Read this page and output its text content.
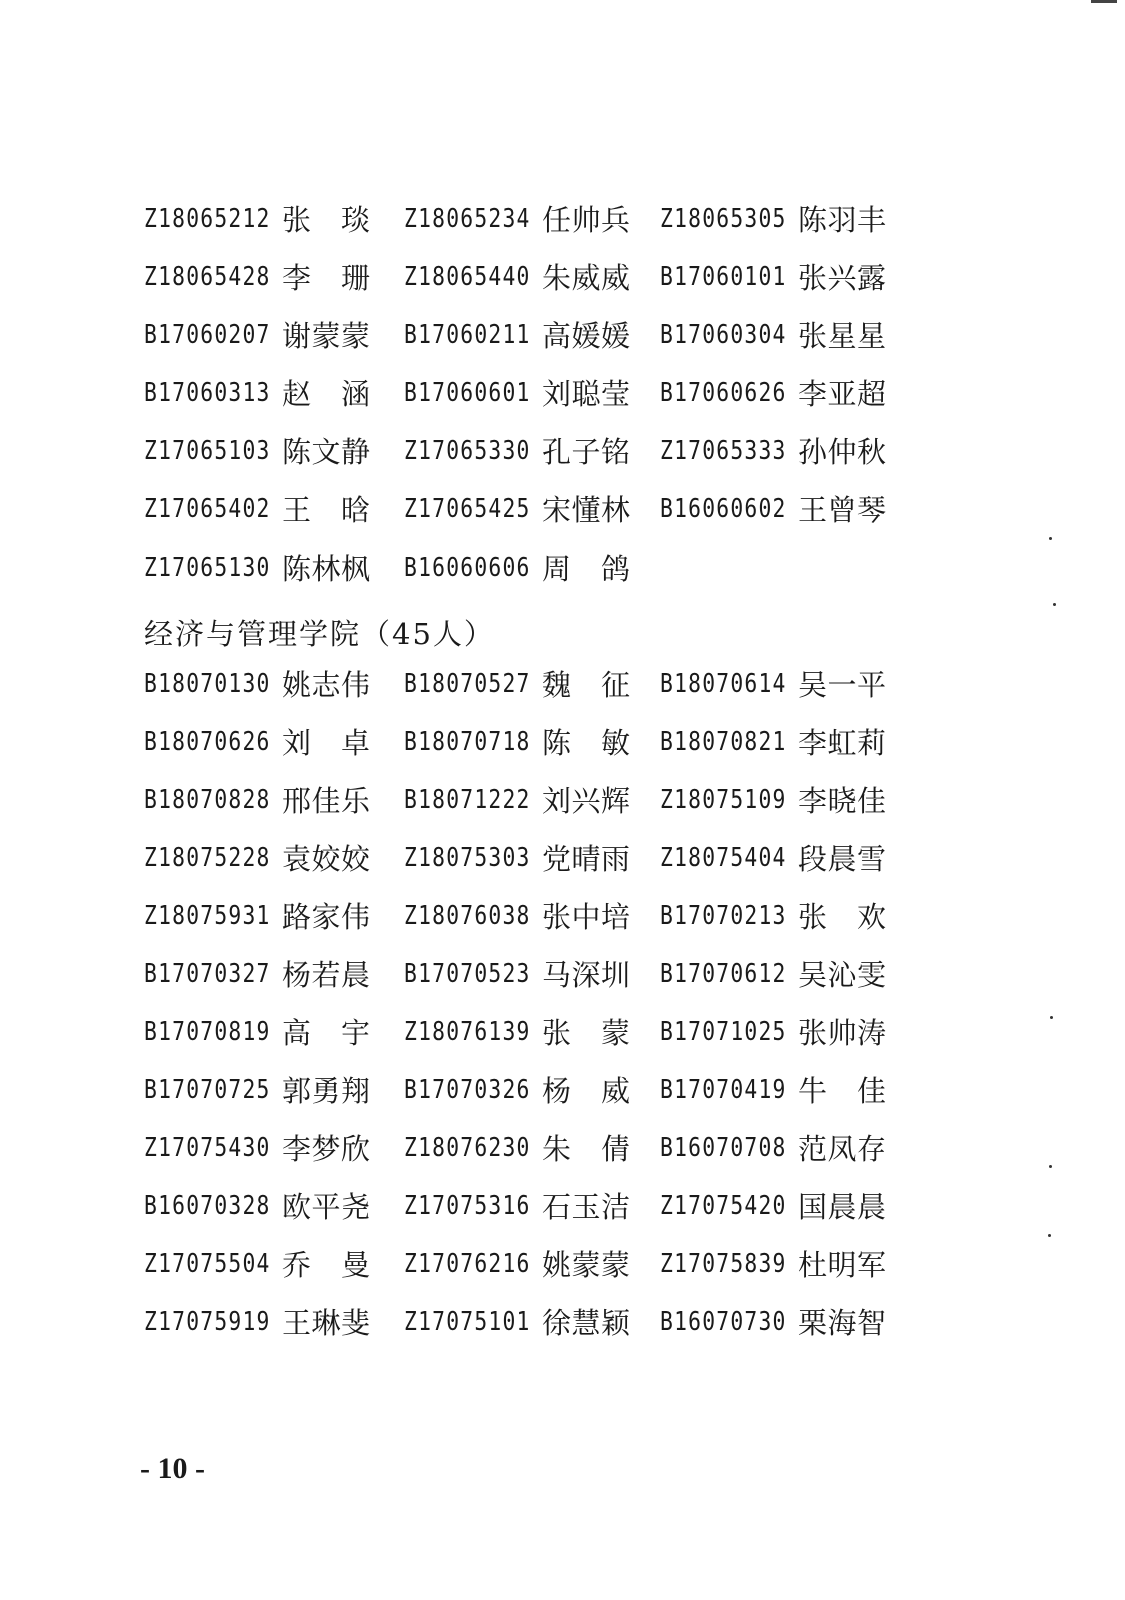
Z18065212 张 琰 Z18065234 任帅兵 Z18065305 陈羽丰
Z18065428 李 珊 Z18065440 朱威威 B17060101 张兴露
B17060207 谢蒙蒙 B17060211 高媛媛 B17060304 张星星
B17060313 赵 涵 B17060601 刘聪莹 B17060626 李亚超
Z17065103 陈文静 Z17065330 孔子铭 Z17065333 孙仲秋
Z17065402 王 晗 Z17065425 宋懂林 B16060602 王曾琴
Z17065130 陈林枫 B16060606 周 鸽
经济与管理学院（45人）
B18070130 姚志伟 B18070527 魏 征 B18070614 吴一平
B18070626 刘 卓 B18070718 陈 敏 B18070821 李虹莉
B18070828 邢佳乐 B18071222 刘兴辉 Z18075109 李晓佳
Z18075228 袁姣姣 Z18075303 党晴雨 Z18075404 段晨雪
Z18075931 路家伟 Z18076038 张中培 B17070213 张 欢
B17070327 杨若晨 B17070523 马深圳 B17070612 吴沁雯
B17070819 高 宇 Z18076139 张 蒙 B17071025 张帅涛
B17070725 郭勇翔 B17070326 杨 威 B17070419 牛 佳
Z17075430 李梦欣 Z18076230 朱 倩 B16070708 范凤存
B16070328 欧平尧 Z17075316 石玉洁 Z17075420 国晨晨
Z17075504 乔 曼 Z17076216 姚蒙蒙 Z17075839 杜明军
Z17075919 王琳斐 Z17075101 徐慧颖 B16070730 栗海智
- 10 -
